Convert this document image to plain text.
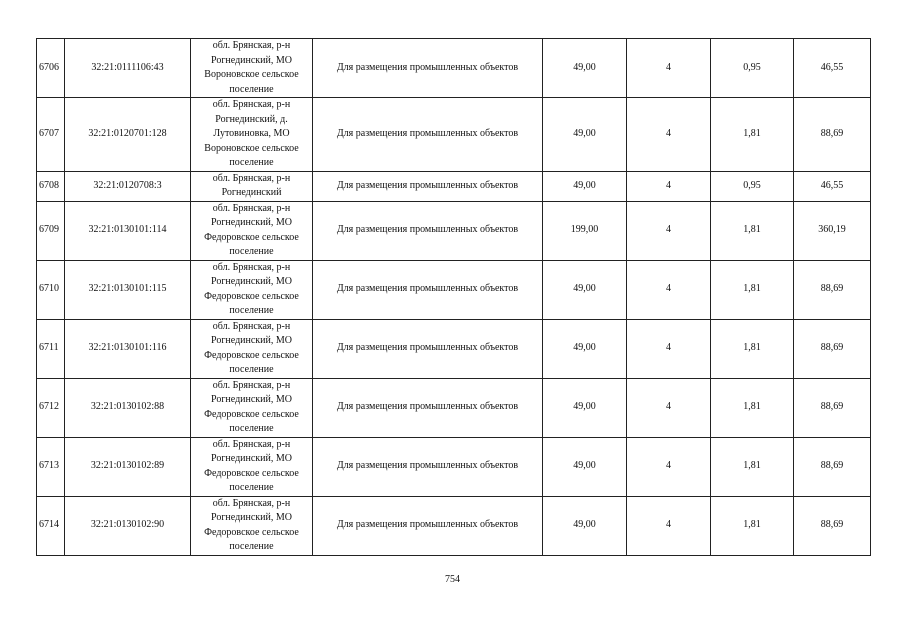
6706	32:21:0111106:43	обл. Брянская, р-н Рогнединский, МО Вороновское сельское поселение	Для размещения промышленных объектов	49,00	4	0,95	46,55
6707	32:21:0120701:128	обл. Брянская, р-н Рогнединский, д. Лутовиновка, МО Вороновское сельское поселение	Для размещения промышленных объектов	49,00	4	1,81	88,69
6708	32:21:0120708:3	обл. Брянская, р-н Рогнединский	Для размещения промышленных объектов	49,00	4	0,95	46,55
6709	32:21:0130101:114	обл. Брянская, р-н Рогнединский, МО Федоровское сельское поселение	Для размещения промышленных объектов	199,00	4	1,81	360,19
6710	32:21:0130101:115	обл. Брянская, р-н Рогнединский, МО Федоровское сельское поселение	Для размещения промышленных объектов	49,00	4	1,81	88,69
6711	32:21:0130101:116	обл. Брянская, р-н Рогнединский, МО Федоровское сельское поселение	Для размещения промышленных объектов	49,00	4	1,81	88,69
6712	32:21:0130102:88	обл. Брянская, р-н Рогнединский, МО Федоровское сельское поселение	Для размещения промышленных объектов	49,00	4	1,81	88,69
6713	32:21:0130102:89	обл. Брянская, р-н Рогнединский, МО Федоровское сельское поселение	Для размещения промышленных объектов	49,00	4	1,81	88,69
6714	32:21:0130102:90	обл. Брянская, р-н Рогнединский, МО Федоровское сельское поселение	Для размещения промышленных объектов	49,00	4	1,81	88,69
754
